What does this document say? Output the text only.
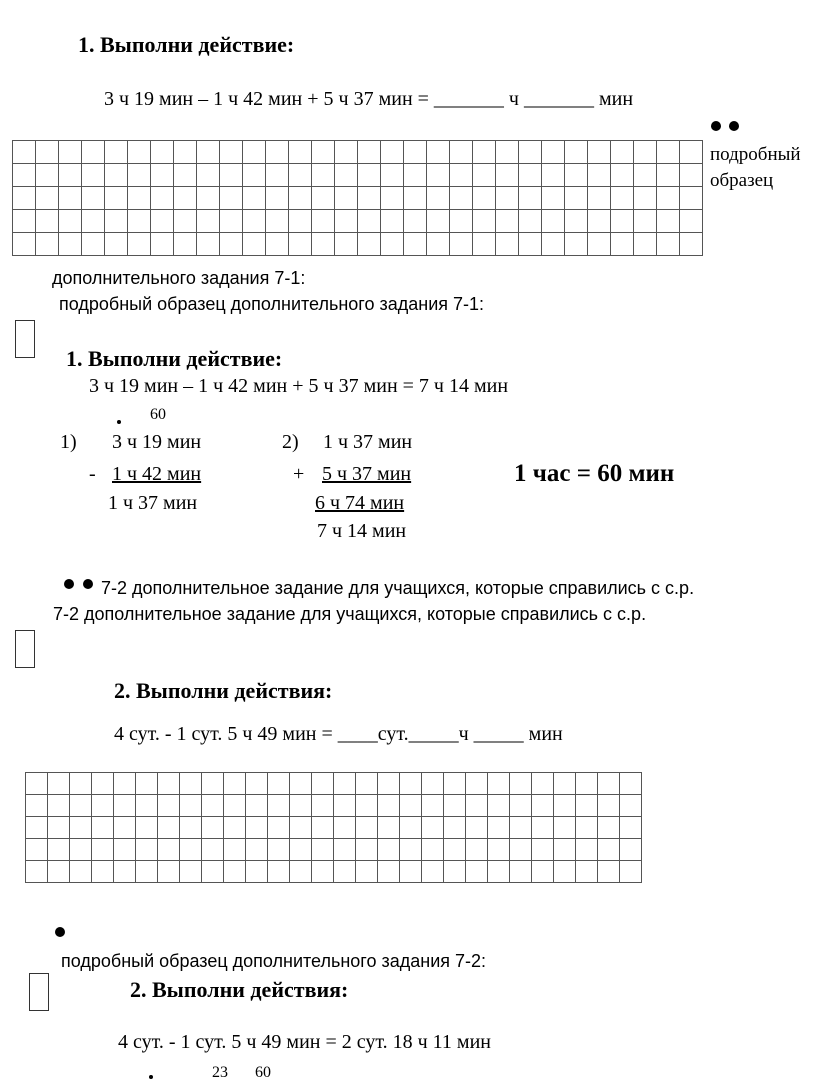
1. Выполни действие:
3 ч 19 мин – 1 ч 42 мин + 5 ч 37 мин = _______ ч _______ мин
подробный
образец

дополнительного задания 7-1:
подробный образец дополнительного задания 7-1:
1. Выполни действие:
3 ч 19 мин – 1 ч 42 мин + 5 ч 37 мин = 7 ч 14 мин
60
1) 3 ч 19 мин
- 1 ч 42 мин
1 ч 37 мин
2) 1 ч 37 мин
+ 5 ч 37 мин
6 ч 74 мин
7 ч 14 мин
1 час = 60 мин
7-2 дополнительное задание для учащихся, которые справились с с.р.
7-2 дополнительное задание для учащихся, которые справились с с.р.
2. Выполни действия:
4 сут. - 1 сут. 5 ч 49 мин = ____сут._____ч _____ мин

подробный образец дополнительного задания 7-2:
2. Выполни действия:
4 сут. - 1 сут. 5 ч 49 мин = 2 сут. 18 ч 11 мин
23 60
